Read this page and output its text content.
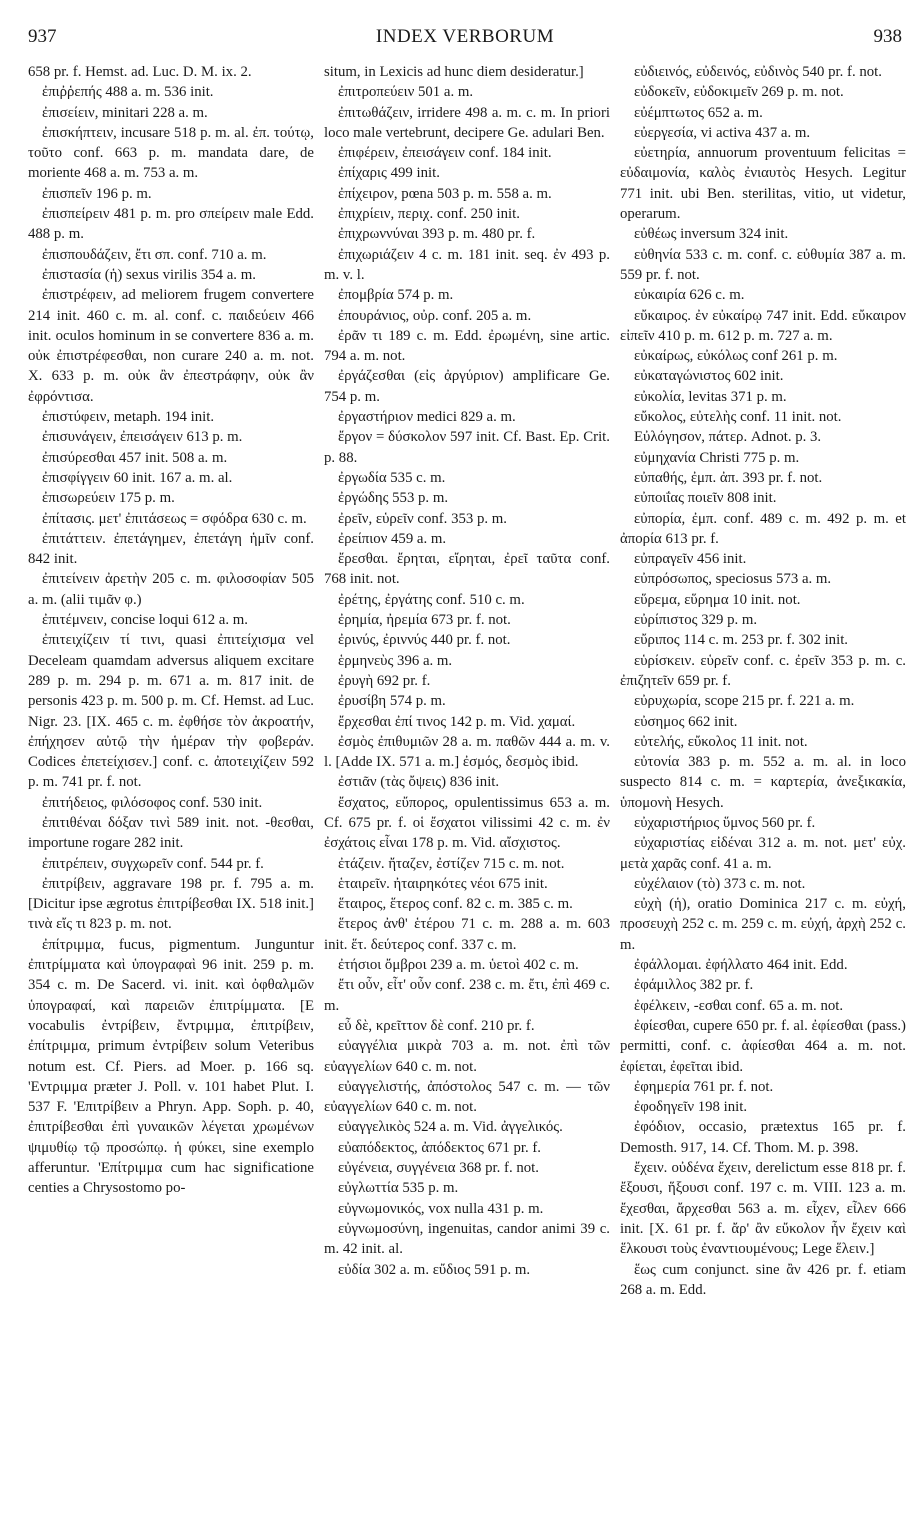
937	INDEX VERBORUM	938

658 pr. f. Hemst. ad. Luc. D. M. ix. 2.

ἐπιῤῥεπής 488 a. m. 536 init.

ἐπισείειν, minitari 228 a. m.

ἐπισκήπτειν, incusare 518 p. m. al. ἐπ. τούτῳ, τοῦτο conf. 663 p. m. mandata dare, de moriente 468 a. m. 753 a. m.

ἐπισπεῖν 196 p. m.

ἐπισπείρειν 481 p. m. pro σπείρειν male Edd. 488 p. m.

ἐπισπουδάζειν, ἔτι σπ. conf. 710 a. m.

ἐπιστασία (ἡ) sexus virilis 354 a. m.

ἐπιστρέφειν, ad meliorem frugem convertere 214 init. 460 c. m. al. conf. c. παιδεύειν 466 init. oculos hominum in se convertere 836 a. m. οὐκ ἐπιστρέφεσθαι, non curare 240 a. m. not. X. 633 p. m. οὐκ ἂν ἐπεστράφην, οὐκ ἂν ἐφρόντισα.

ἐπιστύφειν, metaph. 194 init.

ἐπισυνάγειν, ἐπεισάγειν 613 p. m.

ἐπισύρεσθαι 457 init. 508 a. m.

ἐπισφίγγειν 60 init. 167 a. m. al.

ἐπισωρεύειν 175 p. m.

ἐπίτασις. μετ' ἐπιτάσεως = σφόδρα 630 c. m.

ἐπιτάττειν. ἐπετάγημεν, ἐπετάγη ἡμῖν conf. 842 init.

ἐπιτείνειν ἀρετὴν 205 c. m. φιλοσοφίαν 505 a. m. (alii τιμᾶν φ.)

ἐπιτέμνειν, concise loqui 612 a. m.

ἐπιτειχίζειν τί τινι, quasi ἐπιτείχισμα vel Deceleam quamdam adversus aliquem excitare 289 p. m. 294 p. m. 671 a. m. 817 init. de personis 423 p. m. 500 p. m. Cf. Hemst. ad Luc. Nigr. 23. [IX. 465 c. m. ἐφθήσε τὸν ἀκροατήν, ἐπήχησεν αὐτῷ τὴν ἡμέραν τὴν φοβεράν. Codices ἐπετείχισεν.] conf. c. ἀποτειχίζειν 592 p. m. 741 pr. f. not.

ἐπιτήδειος, φιλόσοφος conf. 530 init.

ἐπιτιθέναι δόξαν τινὶ 589 init. not. -θεσθαι, importune rogare 282 init.

ἐπιτρέπειν, συγχωρεῖν conf. 544 pr. f.

ἐπιτρίβειν, aggravare 198 pr. f. 795 a. m. [Dicitur ipse ægrotus ἐπιτρίβεσθαι IX. 518 init.] τινὰ εἴς τι 823 p. m. not.

ἐπίτριμμα, fucus, pigmentum. Junguntur ἐπιτρίμματα καὶ ὑπογραφαὶ 96 init. 259 p. m. 354 c. m. De Sacerd. vi. init. καὶ ὀφθαλμῶν ὑπογραφαί, καὶ παρειῶν ἐπιτρίμματα. [E vocabulis ἐντρίβειν, ἔντριμμα, ἐπιτρίβειν, ἐπίτριμμα, primum ἐντρίβειν solum Veteribus notum est. Cf. Piers. ad Moer. p. 166 sq. 'Εντριμμα præter J. Poll. v. 101 habet Plut. I. 537 F. 'Επιτρίβειν a Phryn. App. Soph. p. 40, ἐπιτρίβεσθαι ἐπὶ γυναικῶν λέγεται χρωμένων ψιμυθίῳ τῷ προσώπῳ. ἡ φύκει, sine exemplo afferuntur. 'Επίτριμμα cum hac significatione centies a Chrysostomo po-

situm, in Lexicis ad hunc diem desideratur.]

ἐπιτροπεύειν 501 a. m.

ἐπιτωθάζειν, irridere 498 a. m. c. m. In priori loco male vertebrunt, decipere Ge. adulari Ben.

ἐπιφέρειν, ἐπεισάγειν conf. 184 init.

ἐπίχαρις 499 init.

ἐπίχειρον, pœna 503 p. m. 558 a. m.

ἐπιχρίειν, περιχ. conf. 250 init.

ἐπιχρωννύναι 393 p. m. 480 pr. f.

ἐπιχωριάζειν 4 c. m. 181 init. seq. ἐν 493 p. m. v. l.

ἐπομβρία 574 p. m.

ἐπουράνιος, οὐρ. conf. 205 a. m.

ἐρᾶν τι 189 c. m. Edd. ἐρωμένη, sine artic. 794 a. m. not.

ἐργάζεσθαι (εἰς ἀργύριον) amplificare Ge. 754 p. m.

ἐργαστήριον medici 829 a. m.

ἔργον = δύσκολον 597 init. Cf. Bast. Ep. Crit. p. 88.

ἐργωδία 535 c. m.

ἐργώδης 553 p. m.

ἐρεῖν, εὑρεῖν conf. 353 p. m.

ἐρείπιον 459 a. m.

ἔρεσθαι. ἔρηται, εἴρηται, ἐρεῖ ταῦτα conf. 768 init. not.

ἐρέτης, ἐργάτης conf. 510 c. m.

ἐρημία, ἠρεμία 673 pr. f. not.

ἐρινύς, ἐριννύς 440 pr. f. not.

ἑρμηνεὺς 396 a. m.

ἐρυγὴ 692 pr. f.

ἐρυσίβη 574 p. m.

ἔρχεσθαι ἐπί τινος 142 p. m. Vid. χαμαί.

ἐσμὸς ἐπιθυμιῶν 28 a. m. παθῶν 444 a. m. v. l. [Adde IX. 571 a. m.] ἐσμός, δεσμὸς ibid.

ἐστιᾶν (τὰς ὄψεις) 836 init.

ἔσχατος, εὔπορος, opulentissimus 653 a. m. Cf. 675 pr. f. οἱ ἔσχατοι vilissimi 42 c. m. ἐν ἐσχάτοις εἶναι 178 p. m. Vid. αἴσχιστος.

ἐτάζειν. ἤταζεν, ἐστίζεν 715 c. m. not.

ἑταιρεῖν. ἠταιρηκότες νέοι 675 init.

ἕταιρος, ἕτερος conf. 82 c. m. 385 c. m.

ἕτερος ἀνθ' ἑτέρου 71 c. m. 288 a. m. 603 init. ἕτ. δεύτερος conf. 337 c. m.

ἐτήσιοι ὄμβροι 239 a. m. ὑετοὶ 402 c. m.

ἔτι οὖν, εἶτ' οὖν conf. 238 c. m. ἔτι, ἐπὶ 469 c. m.

εὖ δὲ, κρεῖττον δὲ conf. 210 pr. f.

εὐαγγέλια μικρὰ 703 a. m. not. ἐπὶ τῶν εὐαγγελίων 640 c. m. not.

εὐαγγελιστής, ἀπόστολος 547 c. m. — τῶν εὐαγγελίων 640 c. m. not.

εὐαγγελικὸς 524 a. m. Vid. ἀγγελικός.

εὐαπόδεκτος, ἀπόδεκτος 671 pr. f.

εὐγένεια, συγγένεια 368 pr. f. not.

εὐγλωττία 535 p. m.

εὐγνωμονικός, vox nulla 431 p. m.

εὐγνωμοσύνη, ingenuitas, candor animi 39 c. m. 42 init. al.

εὐδία 302 a. m. εὔδιος 591 p. m.

εὐδιεινός, εὐδεινός, εὐδινὸς 540 pr. f. not.

εὐδοκεῖν, εὐδοκιμεῖν 269 p. m. not.

εὐέμπτωτος 652 a. m.

εὐεργεσία, vi activa 437 a. m.

εὐετηρία, annuorum proventuum felicitas = εὐδαιμονία, καλὸς ἐνιαυτὸς Hesych. Legitur 771 init. ubi Ben. sterilitas, vitio, ut videtur, operarum.

εὐθέως inversum 324 init.

εὐθηνία 533 c. m. conf. c. εὐθυμία 387 a. m. 559 pr. f. not.

εὐκαιρία 626 c. m.

εὔκαιρος. ἐν εὐκαίρῳ 747 init. Edd. εὔκαιρον εἰπεῖν 410 p. m. 612 p. m. 727 a. m.

εὐκαίρως, εὐκόλως conf 261 p. m.

εὐκαταγώνιστος 602 init.

εὐκολία, levitas 371 p. m.

εὔκολος, εὐτελὴς conf. 11 init. not.

Εὐλόγησον, πάτερ. Adnot. p. 3.

εὐμηχανία Christi 775 p. m.

εὐπαθής, ἐμπ. ἀπ. 393 pr. f. not.

εὐποιΐας ποιεῖν 808 init.

εὐπορία, ἐμπ. conf. 489 c. m. 492 p. m. et ἀπορία 613 pr. f.

εὐπραγεῖν 456 init.

εὐπρόσωπος, speciosus 573 a. m.

εὕρεμα, εὕρημα 10 init. not.

εὐρίπιστος 329 p. m.

εὔριπος 114 c. m. 253 pr. f. 302 init.

εὑρίσκειν. εὑρεῖν conf. c. ἐρεῖν 353 p. m. c. ἐπιζητεῖν 659 pr. f.

εὐρυχωρία, scope 215 pr. f. 221 a. m.

εὐσημος 662 init.

εὐτελής, εὔκολος 11 init. not.

εὐτονία 383 p. m. 552 a. m. al. in loco suspecto 814 c. m. = καρτερία, ἀνεξικακία, ὑπομονὴ Hesych.

εὐχαριστήριος ὕμνος 560 pr. f.

εὐχαριστίας εἰδέναι 312 a. m. not. μετ' εὐχ. μετὰ χαρᾶς conf. 41 a. m.

εὐχέλαιον (τὸ) 373 c. m. not.

εὐχὴ (ἡ), oratio Dominica 217 c. m. εὐχή, προσευχὴ 252 c. m. 259 c. m. εὐχή, ἀρχὴ 252 c. m.

ἐφάλλομαι. ἐφήλλατο 464 init. Edd.

ἐφάμιλλος 382 pr. f.

ἐφέλκειν, -εσθαι conf. 65 a. m. not.

ἐφίεσθαι, cupere 650 pr. f. al. ἐφίεσθαι (pass.) permitti, conf. c. ἀφίεσθαι 464 a. m. not. ἐφίεται, ἐφεῖται ibid.

ἐφημερία 761 pr. f. not.

ἐφοδηγεῖν 198 init.

ἐφόδιον, occasio, prætextus 165 pr. f. Demosth. 917, 14. Cf. Thom. M. p. 398.

ἔχειν. οὐδένα ἔχειν, derelictum esse 818 pr. f. ἔξουσι, ἥξουσι conf. 197 c. m. VIII. 123 a. m. ἔχεσθαι, ἄρχεσθαι 563 a. m. εἶχεν, εἶλεν 666 init. [X. 61 pr. f. ἄρ' ἂν εὔκολον ἦν ἔχειν καὶ ἕλκουσι τοὺς ἐναντιουμένους; Lege ἕλειν.]

ἕως cum conjunct. sine ἂν 426 pr. f. etiam 268 a. m. Edd.
